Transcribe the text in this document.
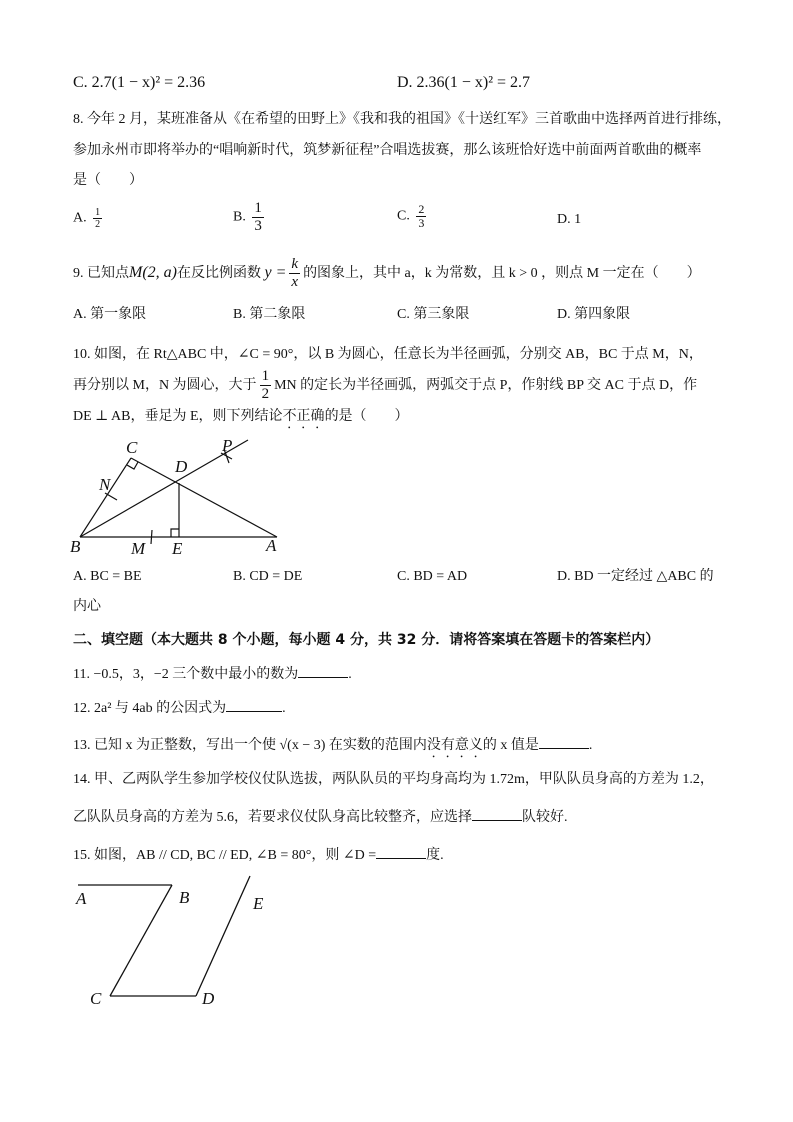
C. 2.7(1 − x)² = 2.36	D. 2.36(1 − x)² = 2.7
8. 今年 2 月，某班准备从《在希望的田野上》《我和我的祖国》《十送红军》三首歌曲中选择两首进行排练，
参加永州市即将举办的“唱响新时代，筑梦新征程”合唱选拔赛，那么该班恰好选中前面两首歌曲的概率
是（　　）
A. $\frac{1}{2}$	B. $\frac{1}{3}$	C. $\frac{2}{3}$	D. 1
9. 已知点M(2, a)在反比例函数 $y = \frac{k}{x}$ 的图象上，其中 a，k 为常数，且 k > 0 ，则点 M 一定在（　　）
A. 第一象限	B. 第二象限	C. 第三象限	D. 第四象限
10. 如图，在 Rt△ABC 中，∠C = 90°，以 B 为圆心，任意长为半径画弧，分别交 AB，BC 于点 M，N，
再分别以 M，N 为圆心，大于 $\frac{1}{2}$ MN 的定长为半径画弧，两弧交于点 P，作射线 BP 交 AC 于点 D，作
DE ⊥ AB，垂足为 E，则下列结论不正确的是（　　）
C
D
P
N
B	M E	A
A	B	E
C	D
A. BC = BE	B. CD = DE	C. BD = AD	D. BD 一定经过 △ABC 的
内心
二、填空题（本大题共 8 个小题，每小题 4 分，共 32 分．请将答案填在答题卡的答案栏内）
11. −0.5，3，−2 三个数中最小的数为	.
12. 2a² 与 4ab 的公因式为	.
13. 已知 x 为正整数，写出一个使 √(x − 3) 在实数的范围内没有意义的 x 值是	.
14. 甲、乙两队学生参加学校仪仗队选拔，两队队员的平均身高均为 1.72m，甲队队员身高的方差为 1.2，
乙队队员身高的方差为 5.6，若要求仪仗队身高比较整齐，应选择	队较好.
15. 如图，AB // CD, BC // ED, ∠B = 80°，则 ∠D =	度.
